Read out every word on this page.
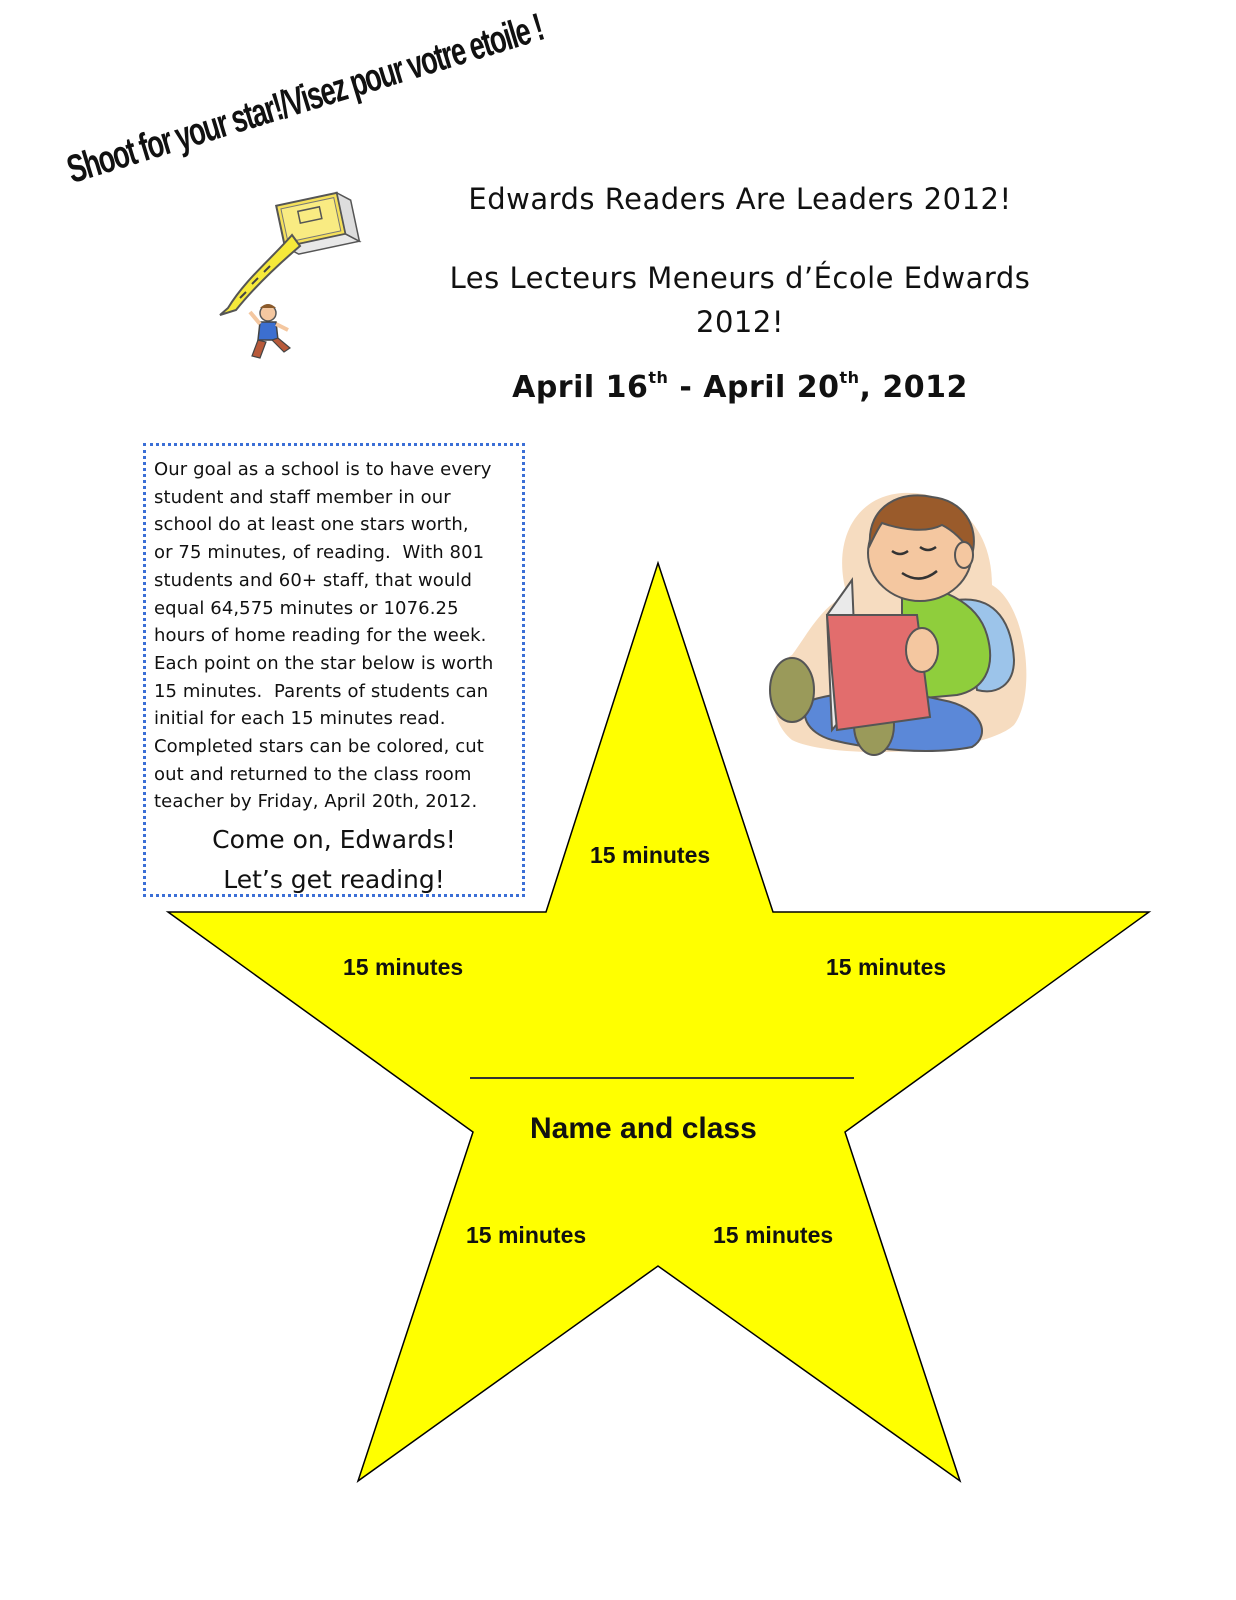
Shoot for your star!/Visez pour votre etoile !
Edwards Readers Are Leaders 2012!
Les Lecteurs Meneurs d’École Edwards 2012!
April 16th - April 20th, 2012
Our goal as a school is to have every
student and staff member in our
school do at least one stars worth,
or 75 minutes, of reading.  With 801
students and 60+ staff, that would
equal 64,575 minutes or 1076.25
hours of home reading for the week.
Each point on the star below is worth
15 minutes.  Parents of students can
initial for each 15 minutes read.
Completed stars can be colored, cut
out and returned to the class room
teacher by Friday, April 20th, 2012.
Come on, Edwards!
Let’s get reading!
15 minutes
15 minutes	15 minutes
15 minutes	15 minutes
Name and class
